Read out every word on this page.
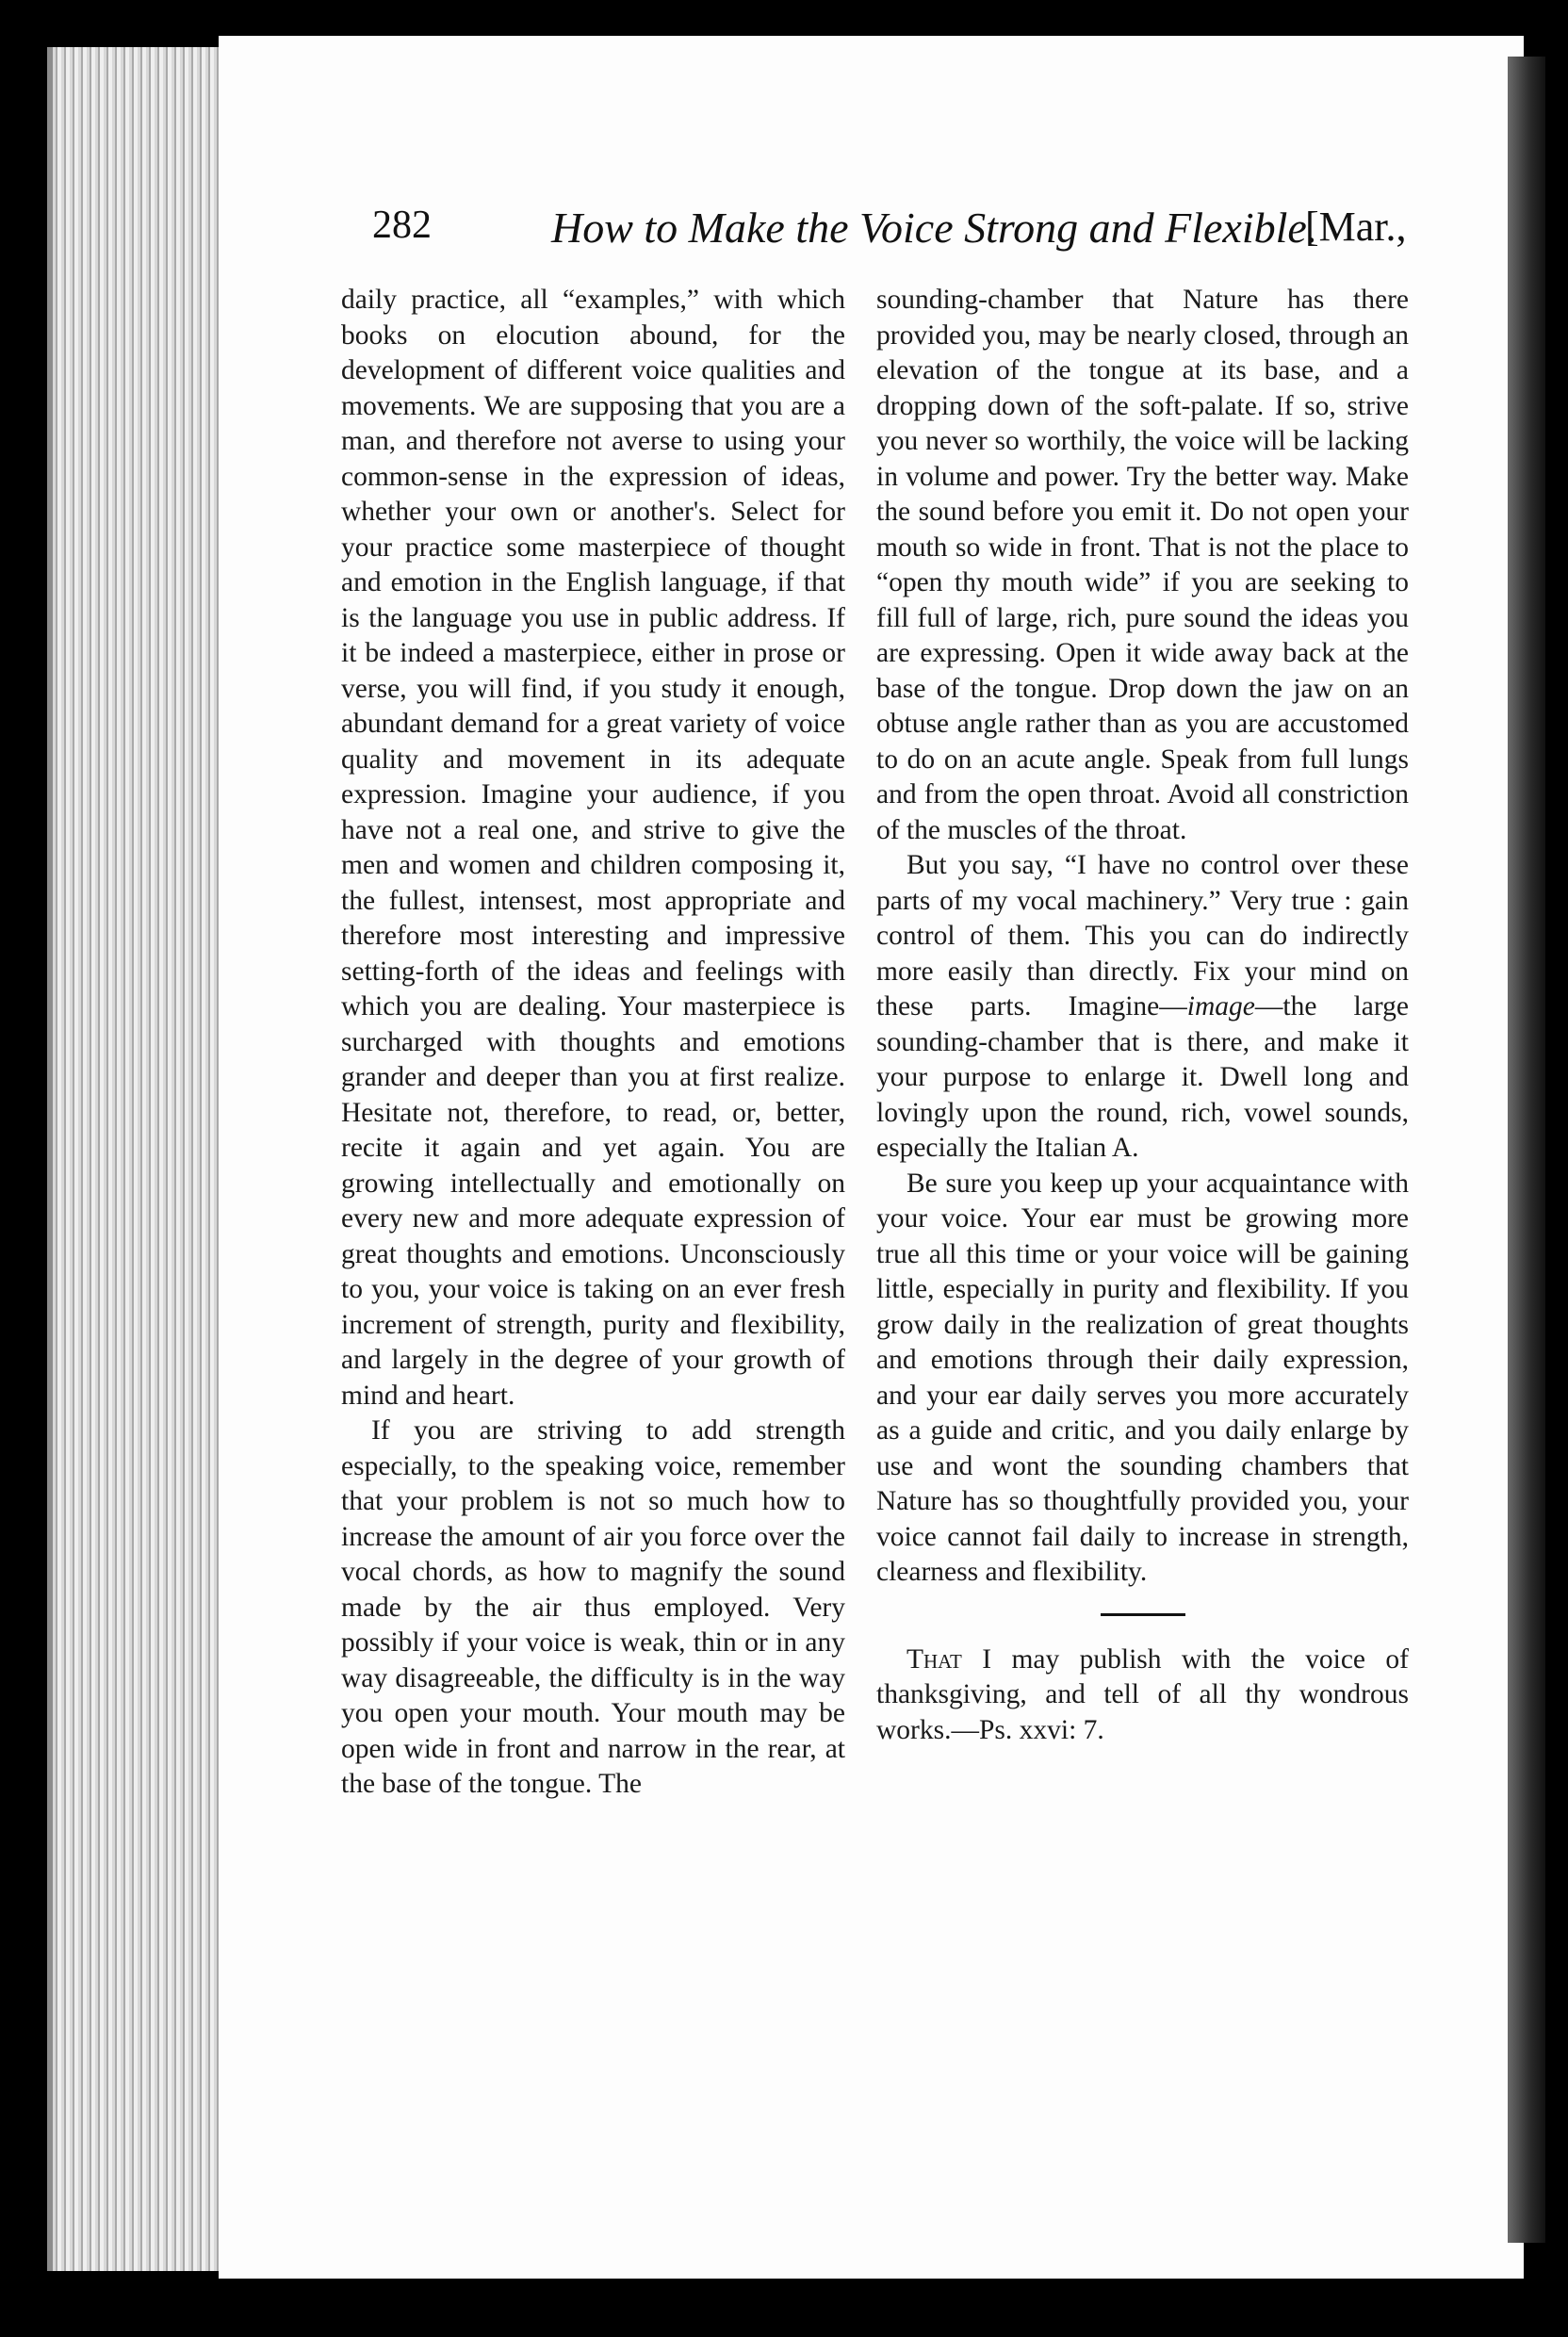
282	How to Make the Voice Strong and Flexible.
[Mar.,

daily practice, all “examples,” with which books on elocution abound, for the development of different voice qualities and movements. We are supposing that you are a man, and therefore not averse to using your common-sense in the expression of ideas, whether your own or another's. Select for your practice some masterpiece of thought and emotion in the English language, if that is the language you use in public address. If it be indeed a masterpiece, either in prose or verse, you will find, if you study it enough, abundant demand for a great variety of voice quality and movement in its adequate expression. Imagine your audience, if you have not a real one, and strive to give the men and women and children composing it, the fullest, intensest, most appropriate and therefore most interesting and impressive setting-forth of the ideas and feelings with which you are dealing. Your masterpiece is surcharged with thoughts and emotions grander and deeper than you at first realize. Hesitate not, therefore, to read, or, better, recite it again and yet again. You are growing intellectually and emotionally on every new and more adequate expression of great thoughts and emotions. Unconsciously to you, your voice is taking on an ever fresh increment of strength, purity and flexibility, and largely in the degree of your growth of mind and heart.

If you are striving to add strength especially, to the speaking voice, remember that your problem is not so much how to increase the amount of air you force over the vocal chords, as how to magnify the sound made by the air thus employed. Very possibly if your voice is weak, thin or in any way disagreeable, the difficulty is in the way you open your mouth. Your mouth may be open wide in front and narrow in the rear, at the base of the tongue. The

sounding-chamber that Nature has there provided you, may be nearly closed, through an elevation of the tongue at its base, and a dropping down of the soft-palate. If so, strive you never so worthily, the voice will be lacking in volume and power. Try the better way. Make the sound before you emit it. Do not open your mouth so wide in front. That is not the place to “open thy mouth wide” if you are seeking to fill full of large, rich, pure sound the ideas you are expressing. Open it wide away back at the base of the tongue. Drop down the jaw on an obtuse angle rather than as you are accustomed to do on an acute angle. Speak from full lungs and from the open throat. Avoid all constriction of the muscles of the throat.

But you say, “I have no control over these parts of my vocal machinery.” Very true : gain control of them. This you can do indirectly more easily than directly. Fix your mind on these parts. Imagine—image—the large sounding-chamber that is there, and make it your purpose to enlarge it. Dwell long and lovingly upon the round, rich, vowel sounds, especially the Italian A.

Be sure you keep up your acquaintance with your voice. Your ear must be growing more true all this time or your voice will be gaining little, especially in purity and flexibility. If you grow daily in the realization of great thoughts and emotions through their daily expression, and your ear daily serves you more accurately as a guide and critic, and you daily enlarge by use and wont the sounding chambers that Nature has so thoughtfully provided you, your voice cannot fail daily to increase in strength, clearness and flexibility.

That I may publish with the voice of thanksgiving, and tell of all thy wondrous works.—Ps. xxvi: 7.
